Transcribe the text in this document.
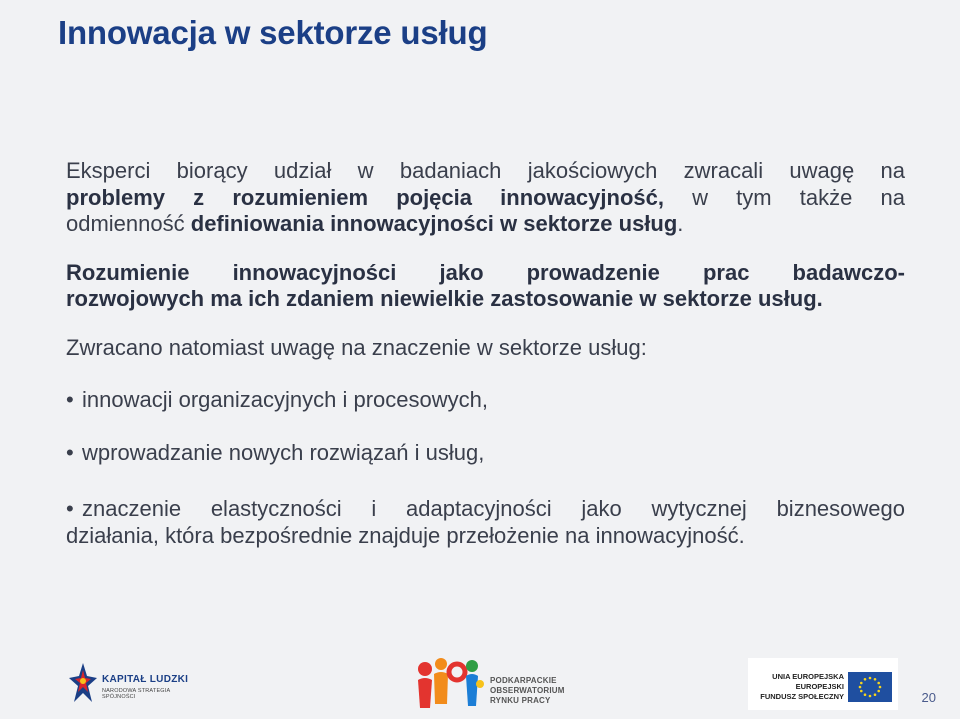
Innowacja w sektorze usług

Eksperci biorący udział w badaniach jakościowych zwracali uwagę na
problemy z rozumieniem pojęcia innowacyjność, w tym także na
odmienność definiowania innowacyjności w sektorze usług.

Rozumienie innowacyjności jako prowadzenie prac badawczo-
rozwojowych ma ich zdaniem niewielkie zastosowanie w sektorze usług.

Zwracano natomiast uwagę na znaczenie w sektorze usług:

• innowacji organizacyjnych i procesowych,

• wprowadzanie nowych rozwiązań i usług,

• znaczenie elastyczności i adaptacyjności jako wytycznej biznesowego
działania, która bezpośrednie znajduje przełożenie na innowacyjność.

KAPITAŁ LUDZKI
NARODOWA STRATEGIA SPÓJNOŚCI
PODKARPACKIE
OBSERWATORIUM
RYNKU PRACY
UNIA EUROPEJSKA
EUROPEJSKI
FUNDUSZ SPOŁECZNY	20
